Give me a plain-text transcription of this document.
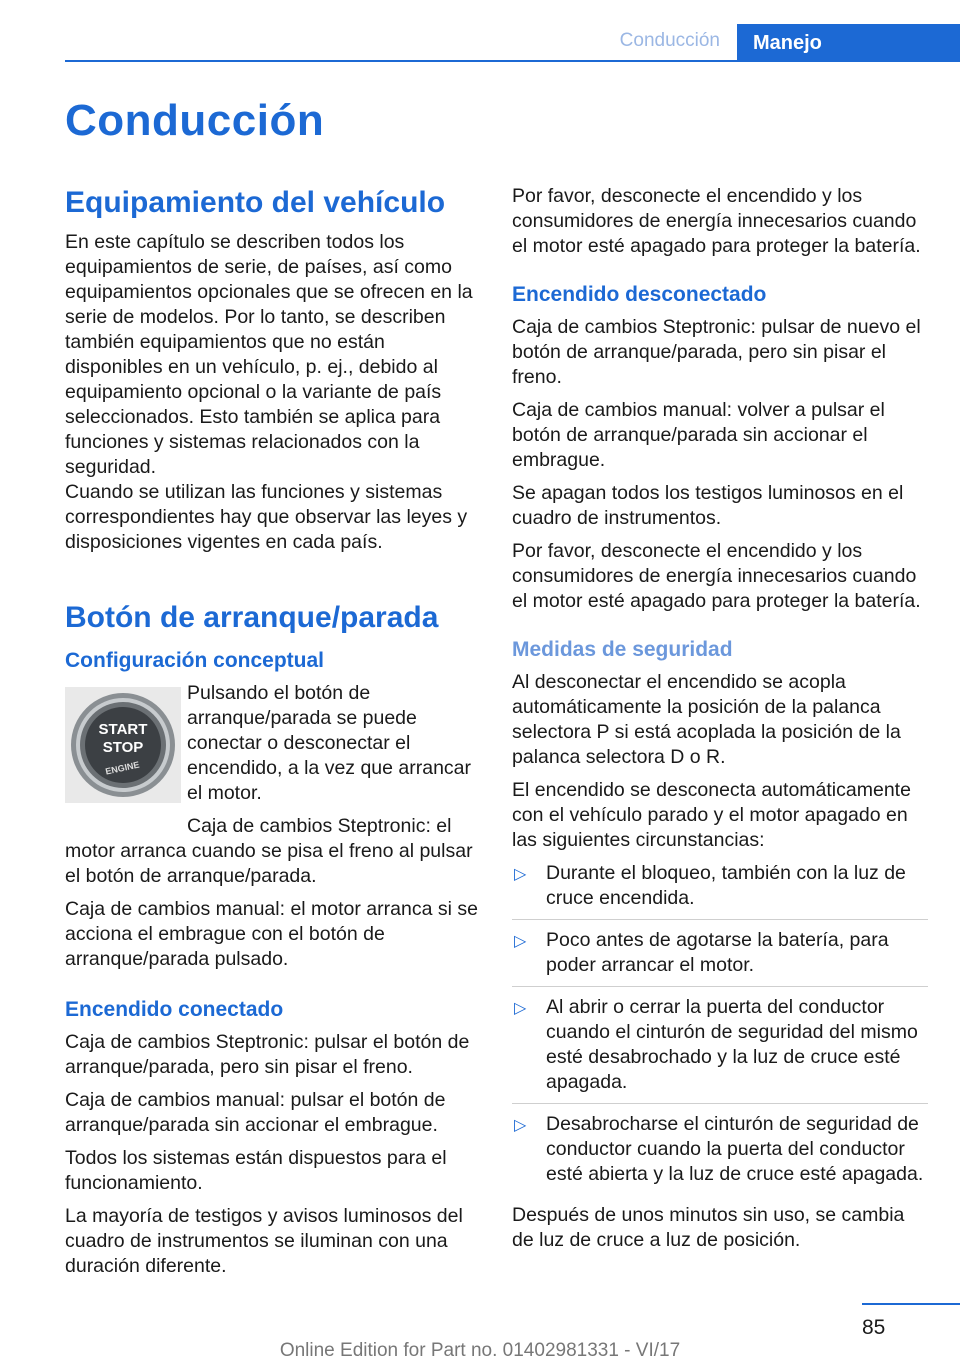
Conducción	Manejo
Conducción
Equipamiento del vehículo

En este capítulo se describen todos los equipamientos de serie, de países, así como equipamientos opcionales que se ofrecen en la serie de modelos. Por lo tanto, se describen también equipamientos que no están disponibles en un vehículo, p. ej., debido al equipamiento opcional o la variante de país seleccionados. Esto también se aplica para funciones y sistemas relacionados con la seguridad.

Cuando se utilizan las funciones y sistemas correspondientes hay que observar las leyes y disposiciones vigentes en cada país.

Botón de arranque/parada
Configuración conceptual
START
STOP
ENGINE

Pulsando el botón de arranque/parada se puede conectar o desconectar el encendido, a la vez que arrancar el motor.

Caja de cambios Steptronic: el

motor arranca cuando se pisa el freno al pulsar el botón de arranque/parada.

Caja de cambios manual: el motor arranca si se acciona el embrague con el botón de arranque/parada pulsado.

Encendido conectado

Caja de cambios Steptronic: pulsar el botón de arranque/parada, pero sin pisar el freno.

Caja de cambios manual: pulsar el botón de arranque/parada sin accionar el embrague.

Todos los sistemas están dispuestos para el funcionamiento.

La mayoría de testigos y avisos luminosos del cuadro de instrumentos se iluminan con una duración diferente.

Por favor, desconecte el encendido y los consumidores de energía innecesarios cuando el motor esté apagado para proteger la batería.

Encendido desconectado

Caja de cambios Steptronic: pulsar de nuevo el botón de arranque/parada, pero sin pisar el freno.

Caja de cambios manual: volver a pulsar el botón de arranque/parada sin accionar el embrague.

Se apagan todos los testigos luminosos en el cuadro de instrumentos.

Por favor, desconecte el encendido y los consumidores de energía innecesarios cuando el motor esté apagado para proteger la batería.

Medidas de seguridad

Al desconectar el encendido se acopla automáticamente la posición de la palanca selectora P si está acoplada la posición de la palanca selectora D o R.

El encendido se desconecta automáticamente con el vehículo parado y el motor apagado en las siguientes circunstancias:

▷ Durante el bloqueo, también con la luz de cruce encendida.
▷ Poco antes de agotarse la batería, para poder arrancar el motor.
▷ Al abrir o cerrar la puerta del conductor cuando el cinturón de seguridad del mismo esté desabrochado y la luz de cruce esté apagada.
▷ Desabrocharse el cinturón de seguridad de conductor cuando la puerta del conductor esté abierta y la luz de cruce esté apagada.

Después de unos minutos sin uso, se cambia de luz de cruce a luz de posición.

85
Online Edition for Part no. 01402981331 - VI/17
